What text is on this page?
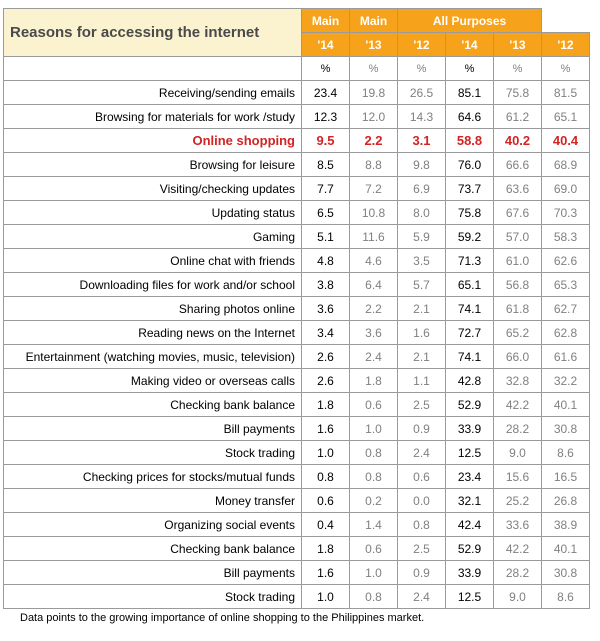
Reasons for accessing the internet	Main	Main	All Purposes			
	'14	'13	'12	'14	'13	'12
	%	%	%	%	%	%
Receiving/sending emails	23.4	19.8	26.5	85.1	75.8	81.5
Browsing for materials for work /study	12.3	12.0	14.3	64.6	61.2	65.1
Online shopping	9.5	2.2	3.1	58.8	40.2	40.4
Browsing for leisure	8.5	8.8	9.8	76.0	66.6	68.9
Visiting/checking updates	7.7	7.2	6.9	73.7	63.6	69.0
Updating status	6.5	10.8	8.0	75.8	67.6	70.3
Gaming	5.1	11.6	5.9	59.2	57.0	58.3
Online chat with friends	4.8	4.6	3.5	71.3	61.0	62.6
Downloading files for work and/or school	3.8	6.4	5.7	65.1	56.8	65.3
Sharing photos online	3.6	2.2	2.1	74.1	61.8	62.7
Reading news on the Internet	3.4	3.6	1.6	72.7	65.2	62.8
Entertainment (watching movies, music, television)	2.6	2.4	2.1	74.1	66.0	61.6
Making video or overseas calls	2.6	1.8	1.1	42.8	32.8	32.2
Checking bank balance	1.8	0.6	2.5	52.9	42.2	40.1
Bill payments	1.6	1.0	0.9	33.9	28.2	30.8
Stock trading	1.0	0.8	2.4	12.5	9.0	8.6
Checking prices for stocks/mutual funds	0.8	0.8	0.6	23.4	15.6	16.5
Money transfer	0.6	0.2	0.0	32.1	25.2	26.8
Organizing social events	0.4	1.4	0.8	42.4	33.6	38.9
Checking bank balance	1.8	0.6	2.5	52.9	42.2	40.1
Bill payments	1.6	1.0	0.9	33.9	28.2	30.8
Stock trading	1.0	0.8	2.4	12.5	9.0	8.6
Data points to the growing importance of online shopping to the Philippines market.
